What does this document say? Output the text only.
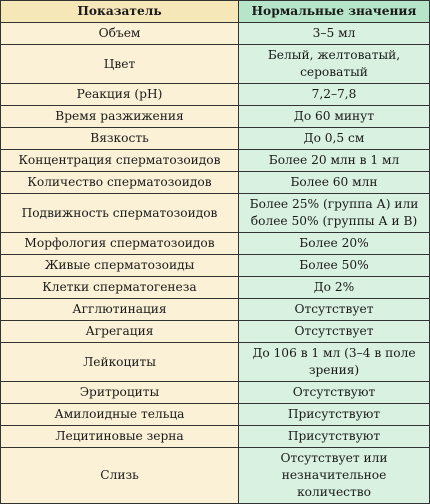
Показатель	Нормальные значения
Объем	3–5 мл
Цвет	Белый, желтоватый, сероватый
Реакция (рН)	7,2–7,8
Время разжижения	До 60 минут
Вязкость	До 0,5 см
Концентрация сперматозоидов	Более 20 млн в 1 мл
Количество сперматозоидов	Более 60 млн
Подвижность сперматозоидов	Более 25% (группа А) или более 50% (группы А и В)
Морфология сперматозоидов	Более 20%
Живые сперматозоиды	Более 50%
Клетки сперматогенеза	До 2%
Агглютинация	Отсутствует
Агрегация	Отсутствует
Лейкоциты	До 106 в 1 мл (3–4 в поле зрения)
Эритроциты	Отсутствуют
Амилоидные тельца	Присутствуют
Лецитиновые зерна	Присутствуют
Слизь	Отсутствует или незначительное количество
